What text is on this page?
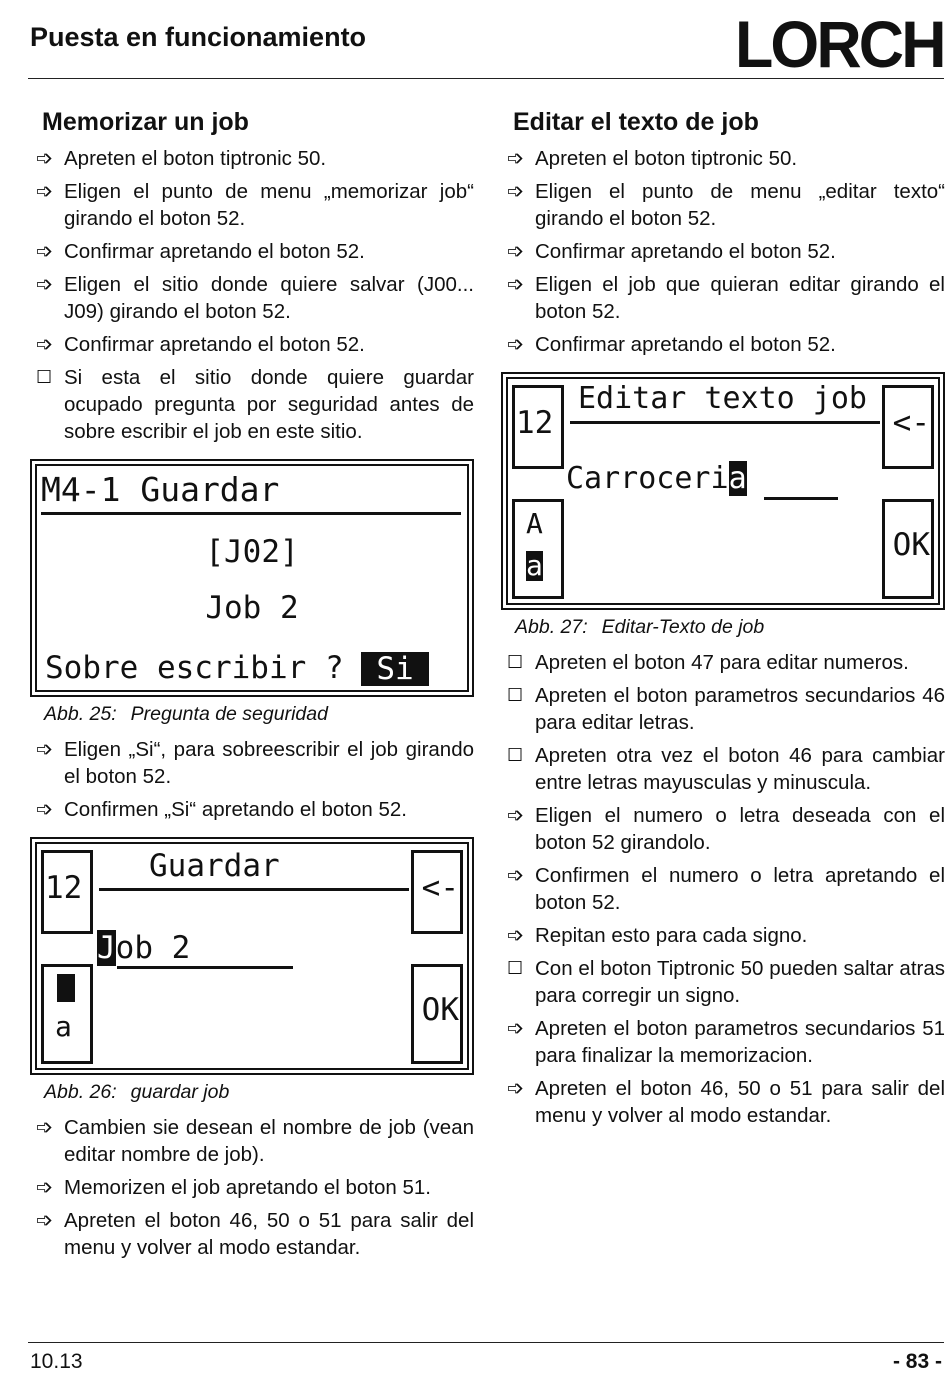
Puesta en funcionamiento	LORCH
Memorizar un job
➩ Apreten el boton tiptronic 50.
➩ Eligen el punto de menu „memorizar job“ girando el boton 52.
➩ Confirmar apretando el boton 52.
➩ Eligen el sitio donde quiere salvar (J00... J09) girando el boton 52.
➩ Confirmar apretando el boton 52.
☐ Si esta el sitio donde quiere guardar ocupado pregunta por seguridad antes de sobre escribir el job en este sitio.
M4-1 Guardar
[J02]
Job 2
Sobre escribir ?	Si
Abb. 25: Pregunta de seguridad
➩ Eligen „Si“, para sobreescribir el job girando el boton 52.
➩ Confirmen „Si“ apretando el boton 52.
12
Guardar
<-
Job 2
a	OK
Abb. 26: guardar job
➩ Cambien sie desean el nombre de job (vean editar nombre de job).
➩ Memorizen el job apretando el boton 51.
➩ Apreten el boton 46, 50 o 51 para salir del menu y volver al modo estandar.
Editar el texto de job
➩ Apreten el boton tiptronic 50.
➩ Eligen el punto de menu „editar texto“ girando el boton 52.
➩ Confirmar apretando el boton 52.
➩ Eligen el job que quieran editar girando el boton 52.
➩ Confirmar apretando el boton 52.
12
Editar texto job
<-
Carroceria
A
a
OK
Abb. 27: Editar-Texto de job
☐ Apreten el boton 47 para editar numeros.
☐ Apreten el boton parametros secundarios 46 para editar letras.
☐ Apreten otra vez el boton 46 para cambiar entre letras mayusculas y minuscula.
➩ Eligen el numero o letra deseada con el boton 52 girandolo.
➩ Confirmen el numero o letra apretando el boton 52.
➩ Repitan esto para cada signo.
☐ Con el boton Tiptronic 50 pueden saltar atras para corregir un signo.
➩ Apreten el boton parametros secundarios 51 para finalizar la memorizacion.
➩ Apreten el boton 46, 50 o 51 para salir del menu y volver al modo estandar.
10.13	- 83 -
